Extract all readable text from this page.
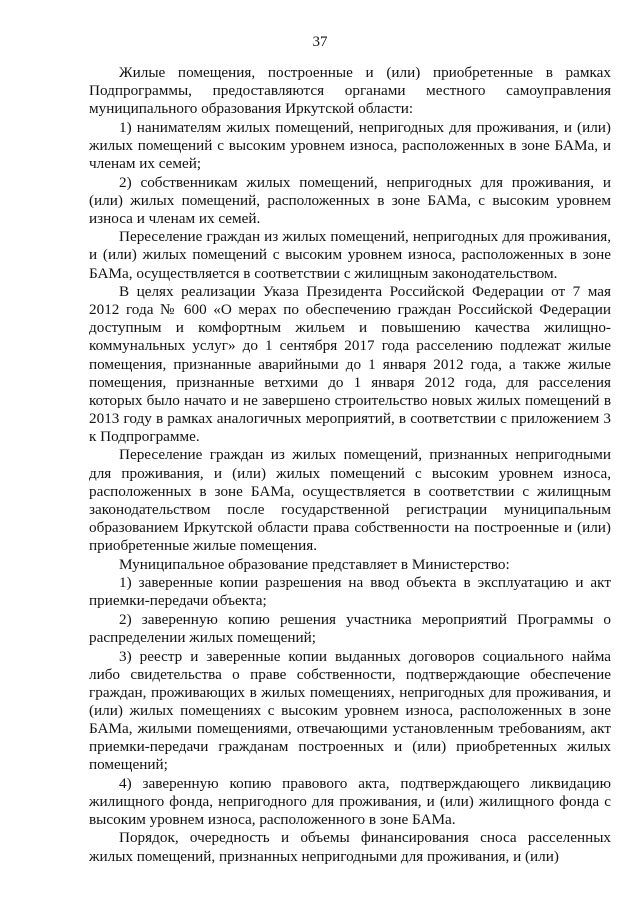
37

Жилые помещения, построенные и (или) приобретенные в рамках Подпрограммы, предоставляются органами местного самоуправления муниципального образования Иркутской области:

1) нанимателям жилых помещений, непригодных для проживания, и (или) жилых помещений с высоким уровнем износа, расположенных в зоне БАМа, и членам их семей;

2) собственникам жилых помещений, непригодных для проживания, и (или) жилых помещений, расположенных в зоне БАМа, с высоким уровнем износа и членам их семей.

Переселение граждан из жилых помещений, непригодных для проживания, и (или) жилых помещений с высоким уровнем износа, расположенных в зоне БАМа, осуществляется в соответствии с жилищным законодательством.

В целях реализации Указа Президента Российской Федерации от 7 мая 2012 года № 600 «О мерах по обеспечению граждан Российской Федерации доступным и комфортным жильем и повышению качества жилищно-коммунальных услуг» до 1 сентября 2017 года расселению подлежат жилые помещения, признанные аварийными до 1 января 2012 года, а также жилые помещения, признанные ветхими до 1 января 2012 года, для расселения которых было начато и не завершено строительство новых жилых помещений в 2013 году в рамках аналогичных мероприятий, в соответствии с приложением 3 к Подпрограмме.

Переселение граждан из жилых помещений, признанных непригодными для проживания, и (или) жилых помещений с высоким уровнем износа, расположенных в зоне БАМа, осуществляется в соответствии с жилищным законодательством после государственной регистрации муниципальным образованием Иркутской области права собственности на построенные и (или) приобретенные жилые помещения.

Муниципальное образование представляет в Министерство:

1) заверенные копии разрешения на ввод объекта в эксплуатацию и акт приемки-передачи объекта;

2) заверенную копию решения участника мероприятий Программы о распределении жилых помещений;

3) реестр и заверенные копии выданных договоров социального найма либо свидетельства о праве собственности, подтверждающие обеспечение граждан, проживающих в жилых помещениях, непригодных для проживания, и (или) жилых помещениях с высоким уровнем износа, расположенных в зоне БАМа, жилыми помещениями, отвечающими установленным требованиям, акт приемки-передачи гражданам построенных и (или) приобретенных жилых помещений;

4) заверенную копию правового акта, подтверждающего ликвидацию жилищного фонда, непригодного для проживания, и (или) жилищного фонда с высоким уровнем износа, расположенного в зоне БАМа.

Порядок, очередность и объемы финансирования сноса расселенных жилых помещений, признанных непригодными для проживания, и (или)
